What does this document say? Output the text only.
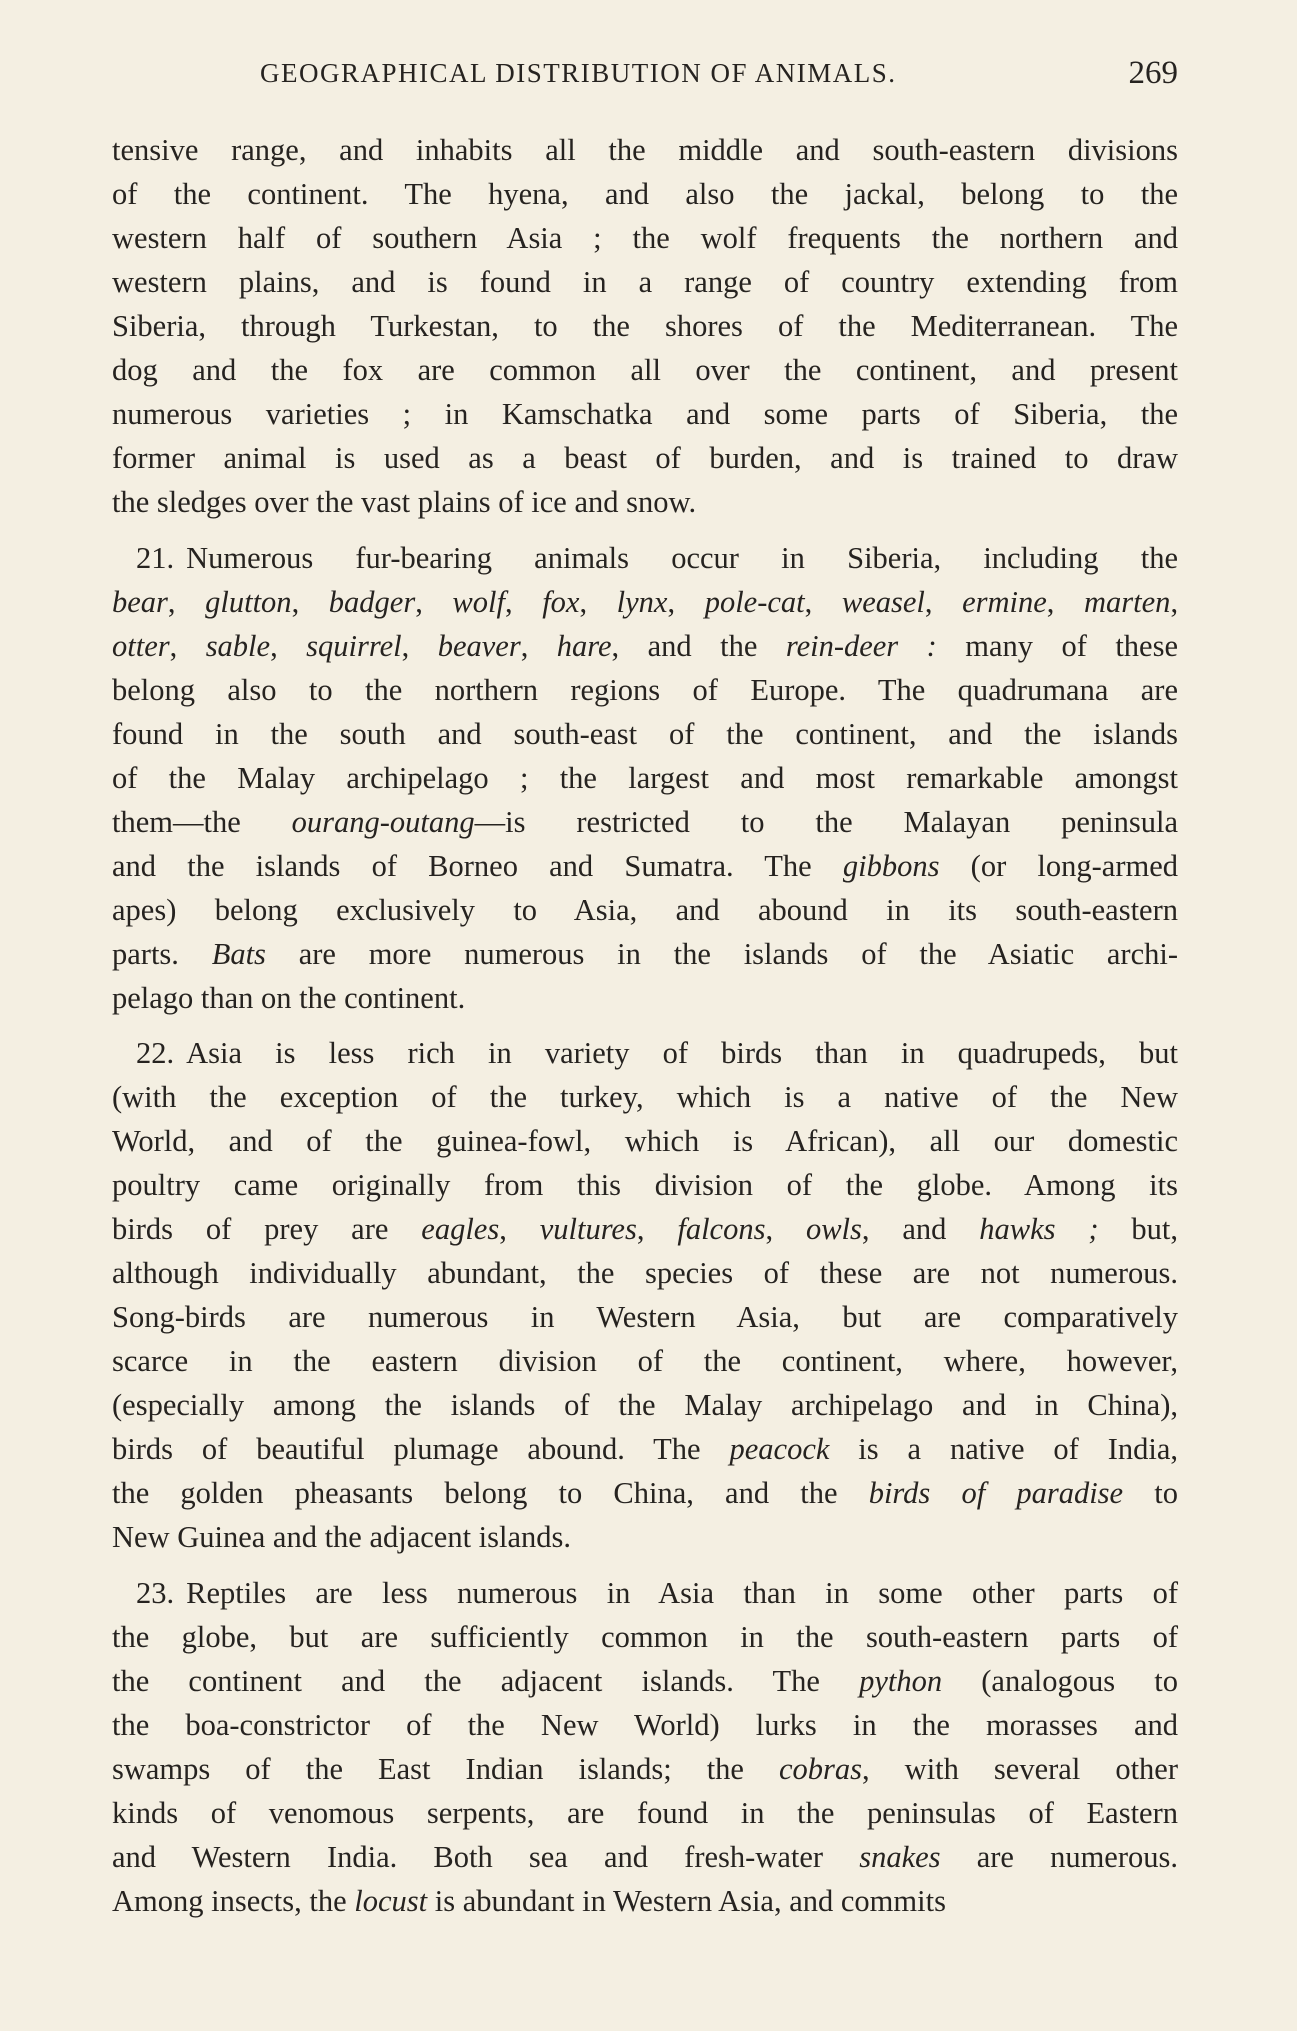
GEOGRAPHICAL DISTRIBUTION OF ANIMALS.	269
tensive range, and inhabits all the middle and south-eastern divisions
of the continent. The hyena, and also the jackal, belong to the
western half of southern Asia ; the wolf frequents the northern and
western plains, and is found in a range of country extending from
Siberia, through Turkestan, to the shores of the Mediterranean. The
dog and the fox are common all over the continent, and present
numerous varieties ; in Kamschatka and some parts of Siberia, the
former animal is used as a beast of burden, and is trained to draw
the sledges over the vast plains of ice and snow.
21. Numerous fur-bearing animals occur in Siberia, including the
bear, glutton, badger, wolf, fox, lynx, pole-cat, weasel, ermine, marten,
otter, sable, squirrel, beaver, hare, and the rein-deer : many of these
belong also to the northern regions of Europe. The quadrumana are
found in the south and south-east of the continent, and the islands
of the Malay archipelago ; the largest and most remarkable amongst
them—the ourang-outang—is restricted to the Malayan peninsula
and the islands of Borneo and Sumatra. The gibbons (or long-armed
apes) belong exclusively to Asia, and abound in its south-eastern
parts. Bats are more numerous in the islands of the Asiatic archi-
pelago than on the continent.
22. Asia is less rich in variety of birds than in quadrupeds, but
(with the exception of the turkey, which is a native of the New
World, and of the guinea-fowl, which is African), all our domestic
poultry came originally from this division of the globe. Among its
birds of prey are eagles, vultures, falcons, owls, and hawks ; but,
although individually abundant, the species of these are not numerous.
Song-birds are numerous in Western Asia, but are comparatively
scarce in the eastern division of the continent, where, however,
(especially among the islands of the Malay archipelago and in China),
birds of beautiful plumage abound. The peacock is a native of India,
the golden pheasants belong to China, and the birds of paradise to
New Guinea and the adjacent islands.
23. Reptiles are less numerous in Asia than in some other parts of
the globe, but are sufficiently common in the south-eastern parts of
the continent and the adjacent islands. The python (analogous to
the boa-constrictor of the New World) lurks in the morasses and
swamps of the East Indian islands; the cobras, with several other
kinds of venomous serpents, are found in the peninsulas of Eastern
and Western India. Both sea and fresh-water snakes are numerous.
Among insects, the locust is abundant in Western Asia, and commits
